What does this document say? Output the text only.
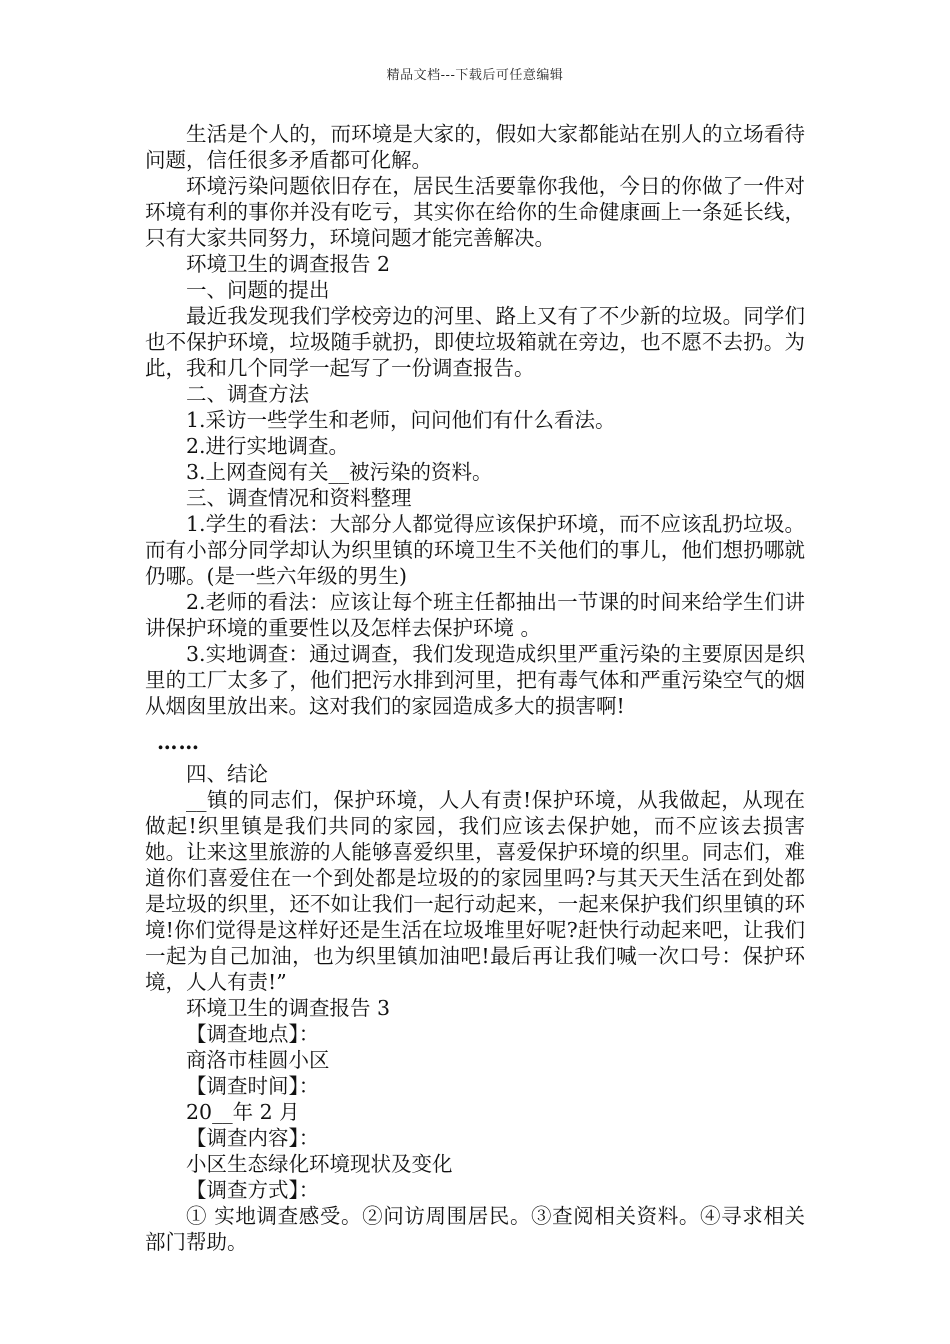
精品文档---下载后可任意编辑

生活是个人的，而环境是大家的，假如大家都能站在别人的立场看待问题，信任很多矛盾都可化解。

环境污染问题依旧存在，居民生活要靠你我他，今日的你做了一件对环境有利的事你并没有吃亏，其实你在给你的生命健康画上一条延长线，只有大家共同努力，环境问题才能完善解决。

环境卫生的调查报告 2

一、问题的提出

最近我发现我们学校旁边的河里、路上又有了不少新的垃圾。同学们也不保护环境，垃圾随手就扔，即使垃圾箱就在旁边，也不愿不去扔。为此，我和几个同学一起写了一份调查报告。

二、调查方法

1.采访一些学生和老师，问问他们有什么看法。

2.进行实地调查。

3.上网查阅有关__被污染的资料。

三、调查情况和资料整理

1.学生的看法：大部分人都觉得应该保护环境，而不应该乱扔垃圾。而有小部分同学却认为织里镇的环境卫生不关他们的事儿，他们想扔哪就仍哪。(是一些六年级的男生)

2.老师的看法：应该让每个班主任都抽出一节课的时间来给学生们讲讲保护环境的重要性以及怎样去保护环境 。

3.实地调查：通过调查，我们发现造成织里严重污染的主要原因是织里的工厂太多了，他们把污水排到河里，把有毒气体和严重污染空气的烟从烟囱里放出来。这对我们的家园造成多大的损害啊!

……

四、结论

__镇的同志们，保护环境，人人有责!保护环境，从我做起，从现在做起!织里镇是我们共同的家园，我们应该去保护她，而不应该去损害她。让来这里旅游的人能够喜爱织里，喜爱保护环境的织里。同志们，难道你们喜爱住在一个到处都是垃圾的的家园里吗?与其天天生活在到处都是垃圾的织里，还不如让我们一起行动起来，一起来保护我们织里镇的环境!你们觉得是这样好还是生活在垃圾堆里好呢?赶快行动起来吧，让我们一起为自己加油，也为织里镇加油吧!最后再让我们喊一次口号：保护环境，人人有责!”

环境卫生的调查报告 3

【调查地点】：

商洛市桂圆小区

【调查时间】：

20__年 2 月

【调查内容】：

小区生态绿化环境现状及变化

【调查方式】：

① 实地调查感受。②问访周围居民。③查阅相关资料。④寻求相关部门帮助。
